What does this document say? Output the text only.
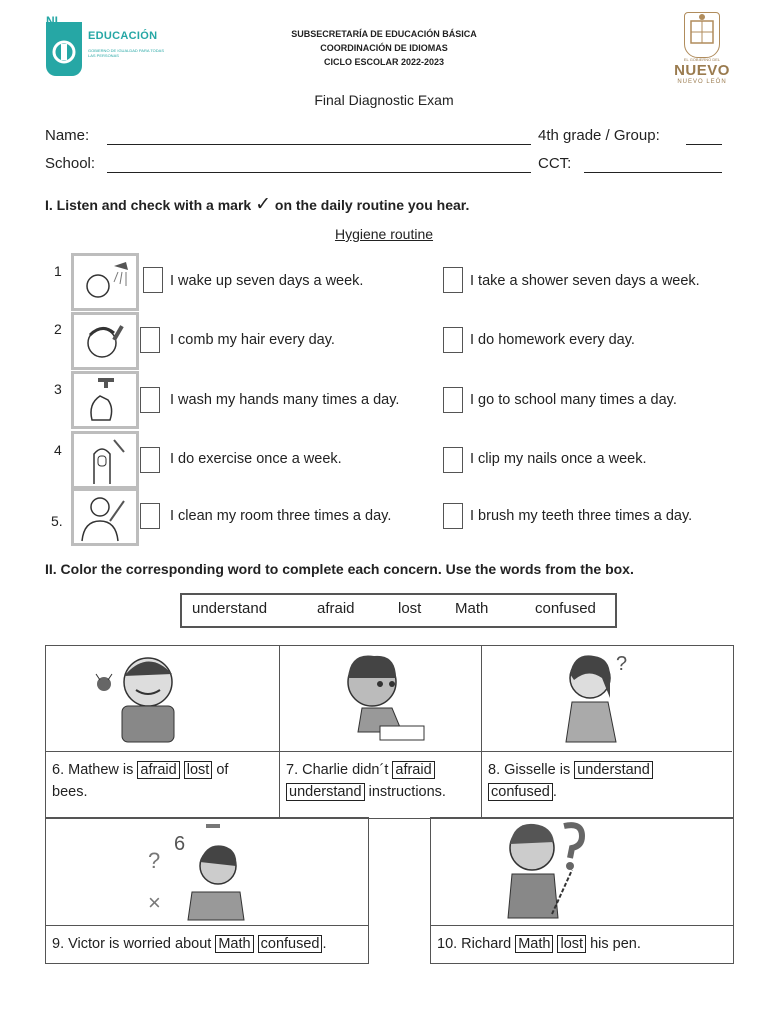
NL
EDUCACIÓN
GOBIERNO DE IGUALDAD PARA TODAS LAS PERSONAS
SUBSECRETARÍA DE EDUCACIÓN BÁSICA
COORDINACIÓN DE IDIOMAS
CICLO ESCOLAR 2022-2023	EL GOBIERNO DEL
NUEVO
NUEVO LEÓN
Final Diagnostic Exam
Name:	4th grade / Group:
School:	CCT:
I. Listen and check with a mark ✓ on the daily routine you hear.
Hygiene routine
1
I wake up seven days a week.	I take a shower seven days a week.
2
I comb my hair every day.	I do homework every day.
3
I wash my hands many times a day.	I go to school many times a day.
4
I do exercise once a week.	I clip my nails once a week.
5.	I clean my room three times a day.	I brush my teeth three times a day.
II. Color the corresponding word to complete each concern. Use the words from the box.
understand	afraid	lost Math	confused
?
6. Mathew is afraid lost of
bees.
7. Charlie didn´t afraid
understand instructions.
8. Gisselle is understand
confused .
?
6
×
9. Victor is worried about Math confused .	10. Richard Math lost his pen.
